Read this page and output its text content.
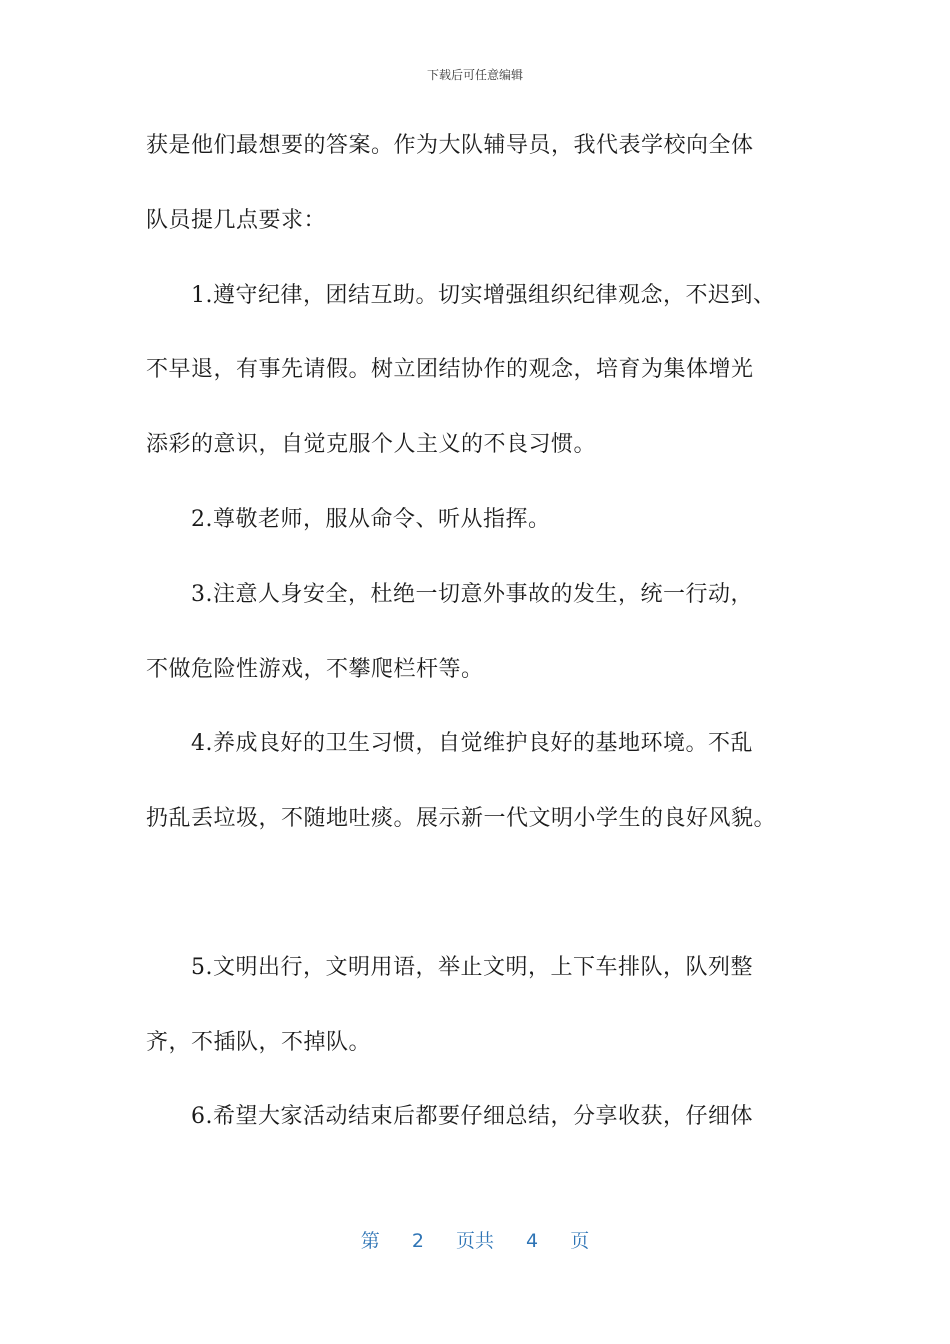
下载后可任意编辑
获是他们最想要的答案。作为大队辅导员，我代表学校向全体
队员提几点要求：
　　1.遵守纪律，团结互助。切实增强组织纪律观念，不迟到、
不早退，有事先请假。树立团结协作的观念，培育为集体增光
添彩的意识，自觉克服个人主义的不良习惯。
　　2.尊敬老师，服从命令、听从指挥。
　　3.注意人身安全，杜绝一切意外事故的发生，统一行动，
不做危险性游戏，不攀爬栏杆等。
　　4.养成良好的卫生习惯，自觉维护良好的基地环境。不乱
扔乱丢垃圾，不随地吐痰。展示新一代文明小学生的良好风貌。
　　5.文明出行，文明用语，举止文明，上下车排队，队列整
齐，不插队，不掉队。
　　6.希望大家活动结束后都要仔细总结，分享收获，仔细体
第 2 页共 4 页
